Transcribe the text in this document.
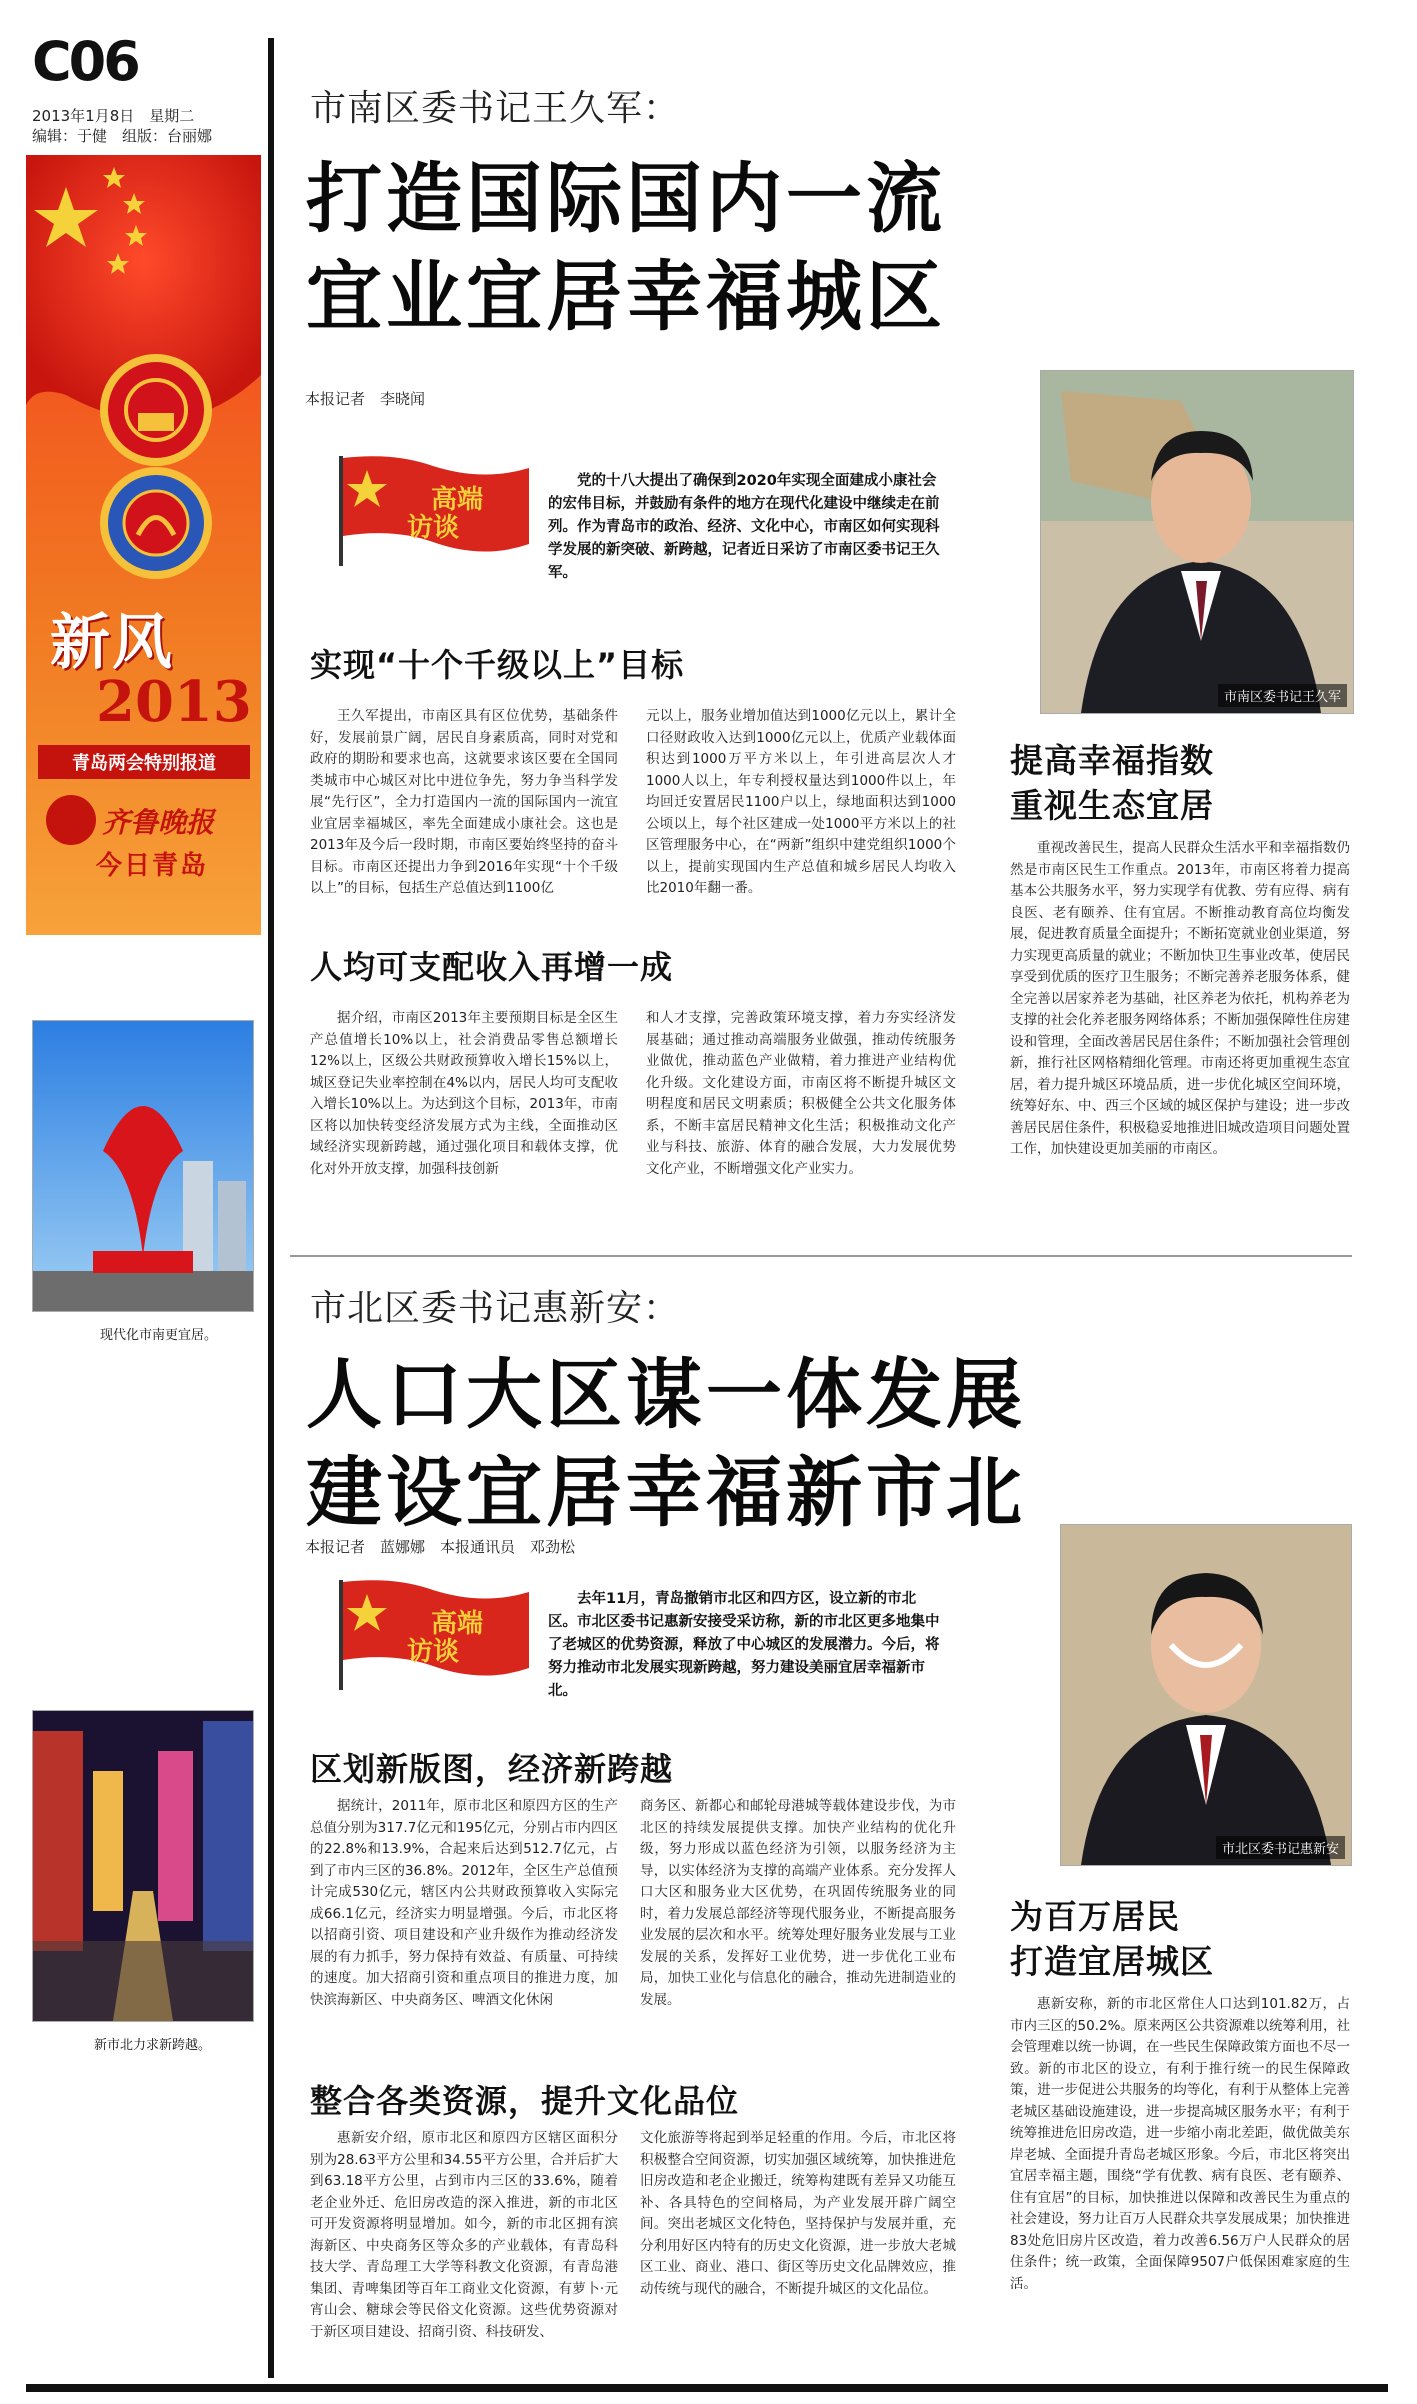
C06
2013年1月8日　星期二
编辑：于健　组版：台丽娜
新风
2013
青岛两会特别报道
齐鲁晚报
今日青岛
现代化市南更宜居。
新市北力求新跨越。
市南区委书记王久军：
打造国际国内一流
宜业宜居幸福城区
本报记者　李晓闻
高端
访谈
党的十八大提出了确保到2020年实现全面建成小康社会的宏伟目标，并鼓励有条件的地方在现代化建设中继续走在前列。作为青岛市的政治、经济、文化中心，市南区如何实现科学发展的新突破、新跨越，记者近日采访了市南区委书记王久军。
市南区委书记王久军
实现“十个千级以上”目标
王久军提出，市南区具有区位优势，基础条件好，发展前景广阔，居民自身素质高，同时对党和政府的期盼和要求也高，这就要求该区要在全国同类城市中心城区对比中进位争先，努力争当科学发展“先行区”，全力打造国内一流的国际国内一流宜业宜居幸福城区，率先全面建成小康社会。这也是2013年及今后一段时期，市南区要始终坚持的奋斗目标。市南区还提出力争到2016年实现“十个千级以上”的目标，包括生产总值达到1100亿
元以上，服务业增加值达到1000亿元以上，累计全口径财政收入达到1000亿元以上，优质产业载体面积达到1000万平方米以上，年引进高层次人才1000人以上，年专利授权量达到1000件以上，年均回迁安置居民1100户以上，绿地面积达到1000公顷以上，每个社区建成一处1000平方米以上的社区管理服务中心，在“两新”组织中建党组织1000个以上，提前实现国内生产总值和城乡居民人均收入比2010年翻一番。
人均可支配收入再增一成
据介绍，市南区2013年主要预期目标是全区生产总值增长10%以上，社会消费品零售总额增长12%以上，区级公共财政预算收入增长15%以上，城区登记失业率控制在4%以内，居民人均可支配收入增长10%以上。为达到这个目标，2013年，市南区将以加快转变经济发展方式为主线，全面推动区域经济实现新跨越，通过强化项目和载体支撑，优化对外开放支撑，加强科技创新
和人才支撑，完善政策环境支撑，着力夯实经济发展基础；通过推动高端服务业做强，推动传统服务业做优，推动蓝色产业做精，着力推进产业结构优化升级。文化建设方面，市南区将不断提升城区文明程度和居民文明素质；积极健全公共文化服务体系，不断丰富居民精神文化生活；积极推动文化产业与科技、旅游、体育的融合发展，大力发展优势文化产业，不断增强文化产业实力。
提高幸福指数
重视生态宜居
重视改善民生，提高人民群众生活水平和幸福指数仍然是市南区民生工作重点。2013年，市南区将着力提高基本公共服务水平，努力实现学有优教、劳有应得、病有良医、老有颐养、住有宜居。不断推动教育高位均衡发展，促进教育质量全面提升；不断拓宽就业创业渠道，努力实现更高质量的就业；不断加快卫生事业改革，使居民享受到优质的医疗卫生服务；不断完善养老服务体系，健全完善以居家养老为基础，社区养老为依托，机构养老为支撑的社会化养老服务网络体系；不断加强保障性住房建设和管理，全面改善居民居住条件；不断加强社会管理创新，推行社区网格精细化管理。市南还将更加重视生态宜居，着力提升城区环境品质，进一步优化城区空间环境，统筹好东、中、西三个区域的城区保护与建设；进一步改善居民居住条件，积极稳妥地推进旧城改造项目问题处置工作，加快建设更加美丽的市南区。
市北区委书记惠新安：
人口大区谋一体发展
建设宜居幸福新市北
本报记者　蓝娜娜　本报通讯员　邓劲松
高端
访谈
去年11月，青岛撤销市北区和四方区，设立新的市北区。市北区委书记惠新安接受采访称，新的市北区更多地集中了老城区的优势资源，释放了中心城区的发展潜力。今后，将努力推动市北发展实现新跨越，努力建设美丽宜居幸福新市北。
市北区委书记惠新安
区划新版图，经济新跨越
据统计，2011年，原市北区和原四方区的生产总值分别为317.7亿元和195亿元，分别占市内四区的22.8%和13.9%，合起来后达到512.7亿元，占到了市内三区的36.8%。2012年，全区生产总值预计完成530亿元，辖区内公共财政预算收入实际完成66.1亿元，经济实力明显增强。今后，市北区将以招商引资、项目建设和产业升级作为推动经济发展的有力抓手，努力保持有效益、有质量、可持续的速度。加大招商引资和重点项目的推进力度，加快滨海新区、中央商务区、啤酒文化休闲
商务区、新都心和邮轮母港城等载体建设步伐，为市北区的持续发展提供支撑。加快产业结构的优化升级，努力形成以蓝色经济为引领，以服务经济为主导，以实体经济为支撑的高端产业体系。充分发挥人口大区和服务业大区优势，在巩固传统服务业的同时，着力发展总部经济等现代服务业，不断提高服务业发展的层次和水平。统筹处理好服务业发展与工业发展的关系，发挥好工业优势，进一步优化工业布局，加快工业化与信息化的融合，推动先进制造业的发展。
整合各类资源，提升文化品位
惠新安介绍，原市北区和原四方区辖区面积分别为28.63平方公里和34.55平方公里，合并后扩大到63.18平方公里，占到市内三区的33.6%，随着老企业外迁、危旧房改造的深入推进，新的市北区可开发资源将明显增加。如今，新的市北区拥有滨海新区、中央商务区等众多的产业载体，有青岛科技大学、青岛理工大学等科教文化资源，有青岛港集团、青啤集团等百年工商业文化资源，有萝卜·元宵山会、糖球会等民俗文化资源。这些优势资源对于新区项目建设、招商引资、科技研发、
文化旅游等将起到举足轻重的作用。今后，市北区将积极整合空间资源，切实加强区域统筹，加快推进危旧房改造和老企业搬迁，统筹构建既有差异又功能互补、各具特色的空间格局，为产业发展开辟广阔空间。突出老城区文化特色，坚持保护与发展并重，充分利用好区内特有的历史文化资源，进一步放大老城区工业、商业、港口、街区等历史文化品牌效应，推动传统与现代的融合，不断提升城区的文化品位。
为百万居民
打造宜居城区
惠新安称，新的市北区常住人口达到101.82万，占市内三区的50.2%。原来两区公共资源难以统筹利用，社会管理难以统一协调，在一些民生保障政策方面也不尽一致。新的市北区的设立，有利于推行统一的民生保障政策，进一步促进公共服务的均等化，有利于从整体上完善老城区基础设施建设，进一步提高城区服务水平；有利于统筹推进危旧房改造，进一步缩小南北差距，做优做美东岸老城、全面提升青岛老城区形象。今后，市北区将突出宜居幸福主题，围绕“学有优教、病有良医、老有颐养、住有宜居”的目标，加快推进以保障和改善民生为重点的社会建设，努力让百万人民群众共享发展成果；加快推进83处危旧房片区改造，着力改善6.56万户人民群众的居住条件；统一政策，全面保障9507户低保困难家庭的生活。
